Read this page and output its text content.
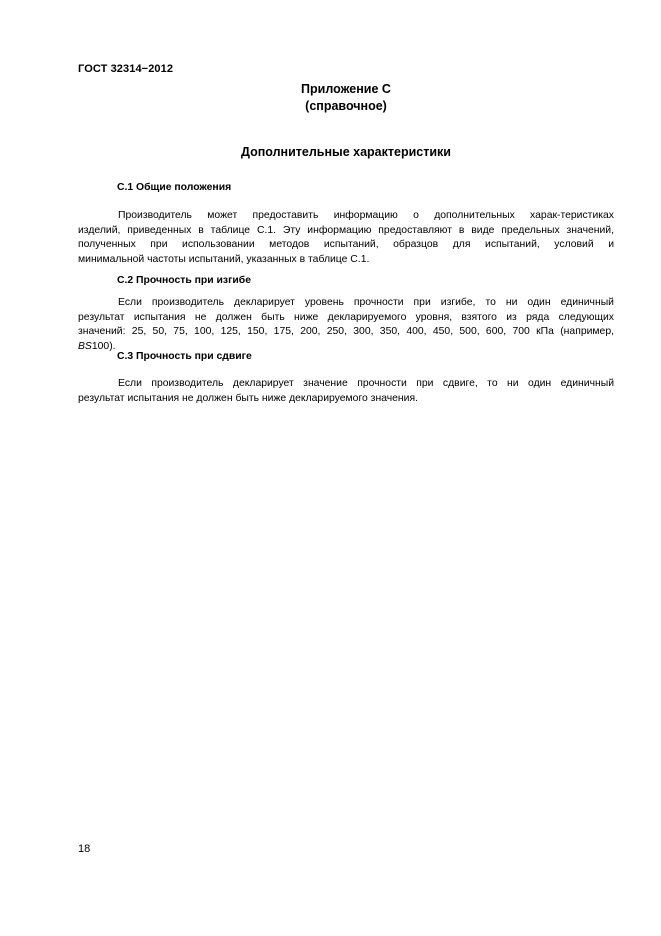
ГОСТ 32314−2012
Приложение С
(справочное)
Дополнительные характеристики
С.1 Общие положения
Производитель может предоставить информацию о дополнительных харак-теристиках
изделий, приведенных в таблице С.1. Эту информацию предоставляют в виде предельных значений,
полученных при использовании методов испытаний, образцов для испытаний, условий и
минимальной частоты испытаний, указанных в таблице С.1.
С.2 Прочность при изгибе
Если производитель декларирует уровень прочности при изгибе, то ни один единичный
результат испытания не должен быть ниже декларируемого уровня, взятого из ряда следующих
значений: 25, 50, 75, 100, 125, 150, 175, 200, 250, 300, 350, 400, 450, 500, 600, 700 кПа (например,
BS100).
С.3 Прочность при сдвиге
Если производитель декларирует значение прочности при сдвиге, то ни один единичный
результат испытания не должен быть ниже декларируемого значения.
18
